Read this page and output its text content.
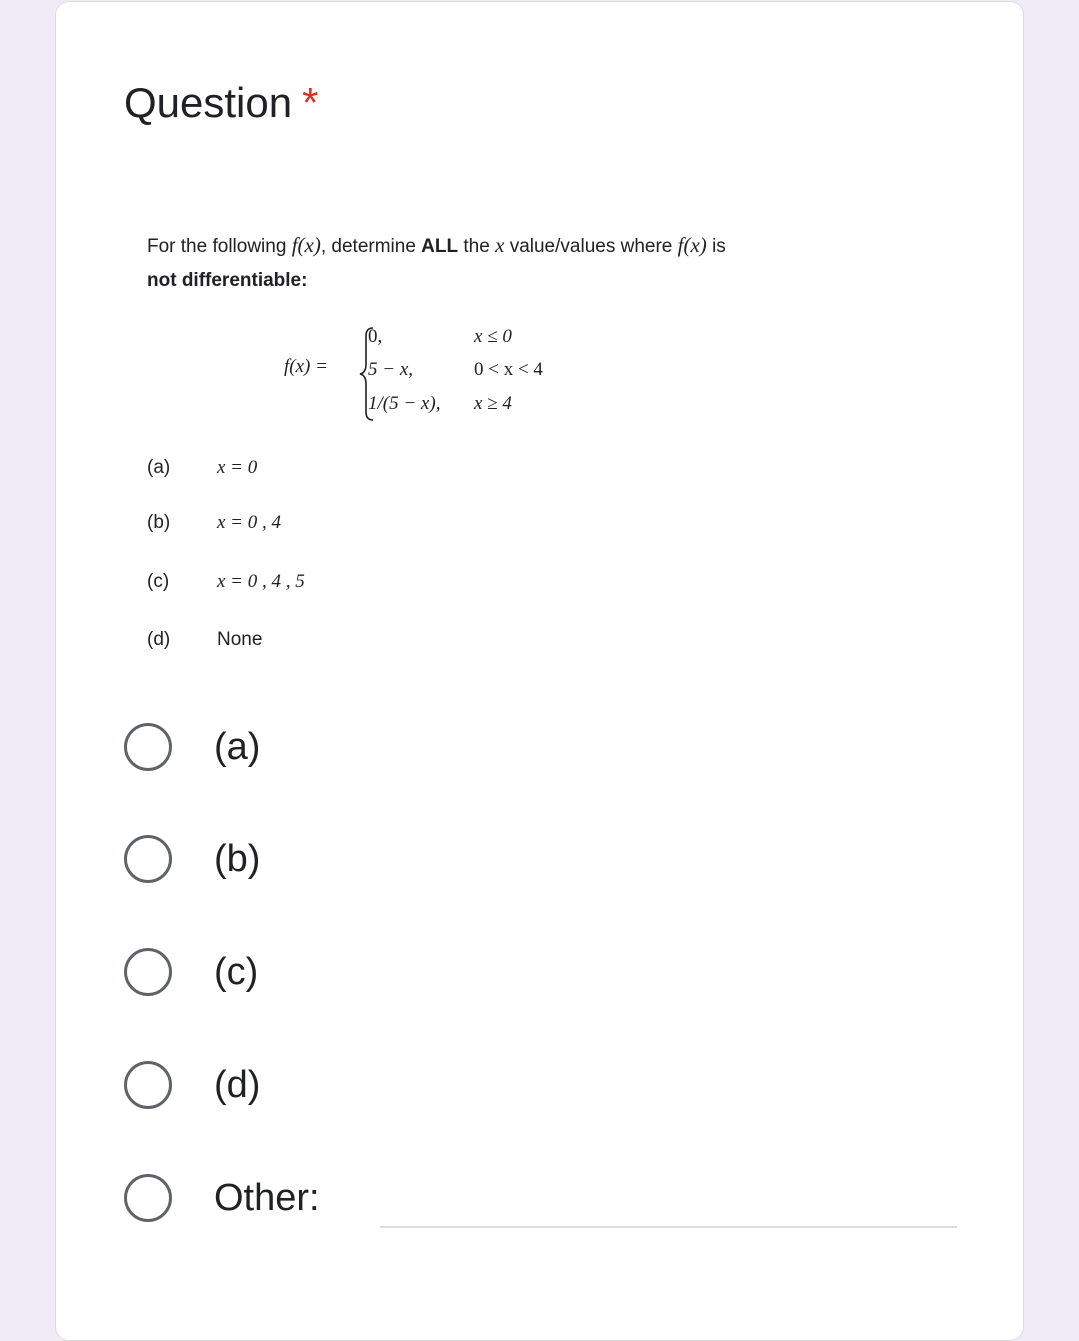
Question *
For the following f(x), determine ALL the x value/values where f(x) is
not differentiable:
f(x) =
0,	x ≤ 0
5 − x,	0 < x < 4
1/(5 − x), x ≥ 4
(a) x = 0
(b) x = 0 , 4
(c)	x = 0 , 4 , 5
(d) None
(a)
(b)
(c)
(d)
Other:
